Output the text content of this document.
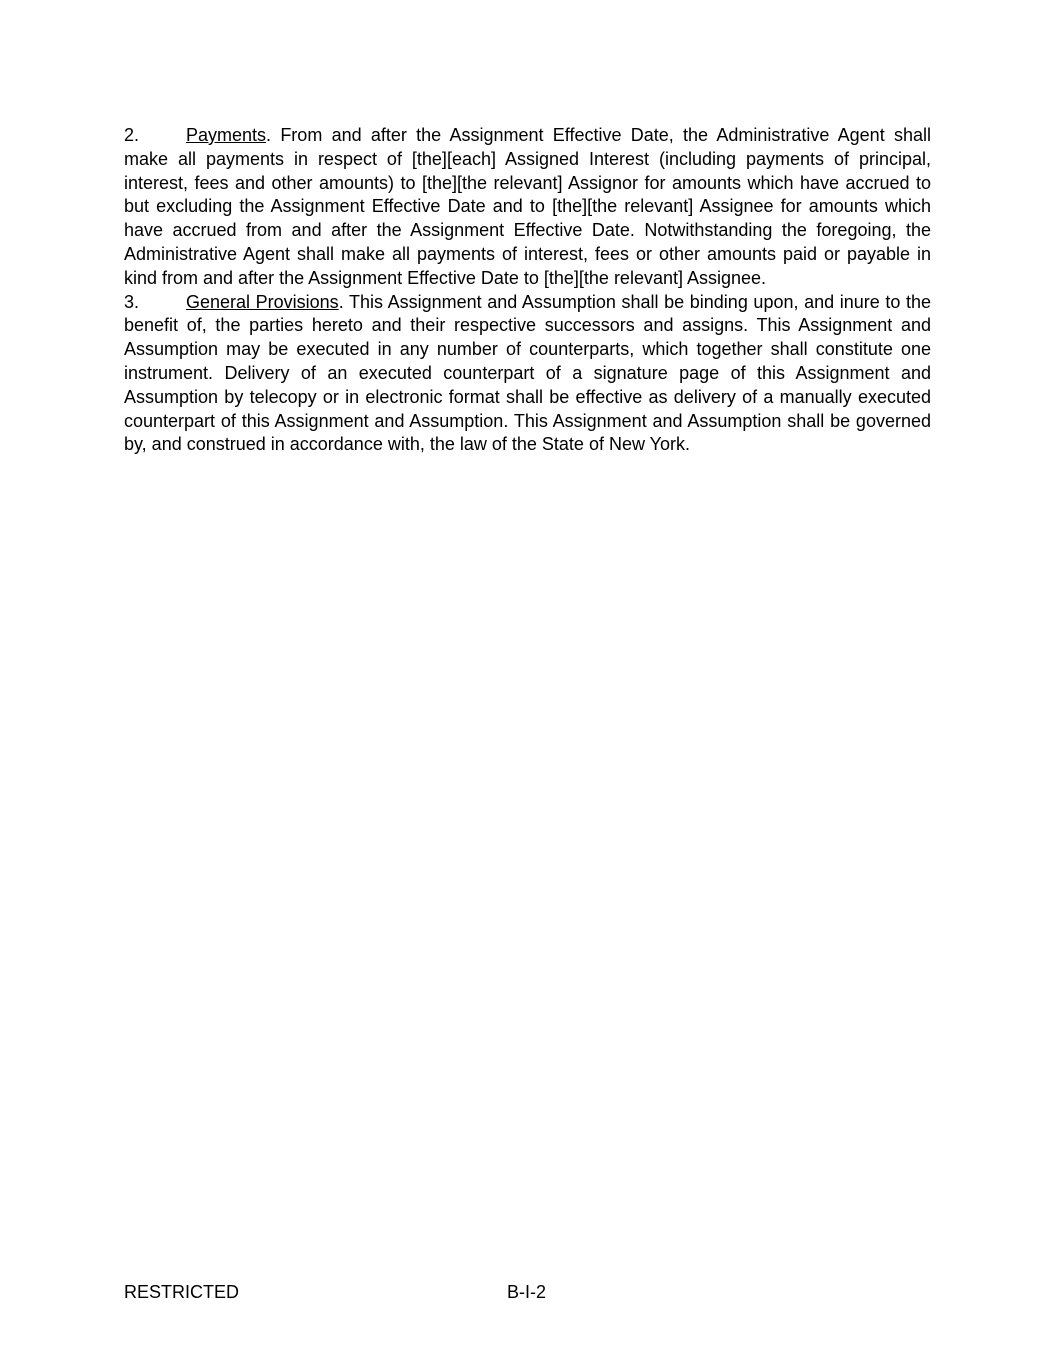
2.	Payments. From and after the Assignment Effective Date, the Administrative Agent shall make all payments in respect of [the][each] Assigned Interest (including payments of principal, interest, fees and other amounts) to [the][the relevant] Assignor for amounts which have accrued to but excluding the Assignment Effective Date and to [the][the relevant] Assignee for amounts which have accrued from and after the Assignment Effective Date. Notwithstanding the foregoing, the Administrative Agent shall make all payments of interest, fees or other amounts paid or payable in kind from and after the Assignment Effective Date to [the][the relevant] Assignee.

3.	General Provisions. This Assignment and Assumption shall be binding upon, and inure to the benefit of, the parties hereto and their respective successors and assigns. This Assignment and Assumption may be executed in any number of counterparts, which together shall constitute one instrument. Delivery of an executed counterpart of a signature page of this Assignment and Assumption by telecopy or in electronic format shall be effective as delivery of a manually executed counterpart of this Assignment and Assumption. This Assignment and Assumption shall be governed by, and construed in accordance with, the law of the State of New York.

RESTRICTED	B-I-2
